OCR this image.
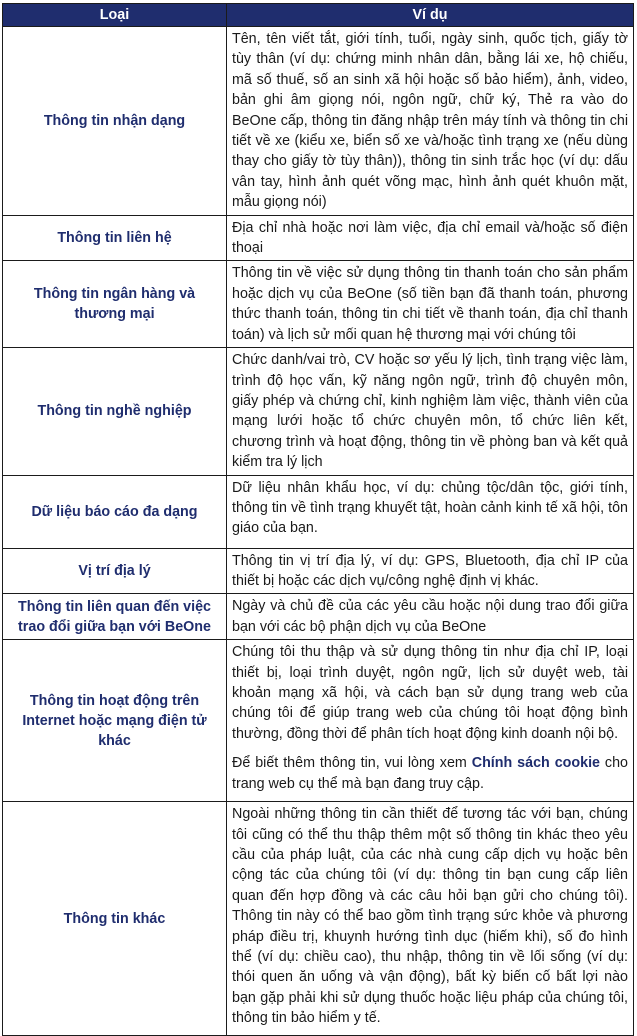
Loại	Ví dụ
Thông tin nhận dạng	Tên, tên viết tắt, giới tính, tuổi, ngày sinh, quốc tịch, giấy tờ tùy thân (ví dụ: chứng minh nhân dân, bằng lái xe, hộ chiếu, mã số thuế, số an sinh xã hội hoặc số bảo hiểm), ảnh, video, bản ghi âm giọng nói, ngôn ngữ, chữ ký, Thẻ ra vào do BeOne cấp, thông tin đăng nhập trên máy tính và thông tin chi tiết về xe (kiểu xe, biển số xe và/hoặc tình trạng xe (nếu dùng thay cho giấy tờ tùy thân)), thông tin sinh trắc học (ví dụ: dấu vân tay, hình ảnh quét võng mạc, hình ảnh quét khuôn mặt, mẫu giọng nói)
Thông tin liên hệ	Địa chỉ nhà hoặc nơi làm việc, địa chỉ email và/hoặc số điện thoại
Thông tin ngân hàng và thương mại	Thông tin về việc sử dụng thông tin thanh toán cho sản phẩm hoặc dịch vụ của BeOne (số tiền bạn đã thanh toán, phương thức thanh toán, thông tin chi tiết về thanh toán, địa chỉ thanh toán) và lịch sử mối quan hệ thương mại với chúng tôi
Thông tin nghề nghiệp	Chức danh/vai trò, CV hoặc sơ yếu lý lịch, tình trạng việc làm, trình độ học vấn, kỹ năng ngôn ngữ, trình độ chuyên môn, giấy phép và chứng chỉ, kinh nghiệm làm việc, thành viên của mạng lưới hoặc tổ chức chuyên môn, tổ chức liên kết, chương trình và hoạt động, thông tin về phòng ban và kết quả kiểm tra lý lịch
Dữ liệu báo cáo đa dạng	Dữ liệu nhân khẩu học, ví dụ: chủng tộc/dân tộc, giới tính, thông tin về tình trạng khuyết tật, hoàn cảnh kinh tế xã hội, tôn giáo của bạn.
Vị trí địa lý	Thông tin vị trí địa lý, ví dụ: GPS, Bluetooth, địa chỉ IP của thiết bị hoặc các dịch vụ/công nghệ định vị khác.
Thông tin liên quan đến việc trao đổi giữa bạn với BeOne	Ngày và chủ đề của các yêu cầu hoặc nội dung trao đổi giữa bạn với các bộ phận dịch vụ của BeOne
Thông tin hoạt động trên Internet hoặc mạng điện tử khác	Chúng tôi thu thập và sử dụng thông tin như địa chỉ IP, loại thiết bị, loại trình duyệt, ngôn ngữ, lịch sử duyệt web, tài khoản mạng xã hội, và cách bạn sử dụng trang web của chúng tôi để giúp trang web của chúng tôi hoạt động bình thường, đồng thời để phân tích hoạt động kinh doanh nội bộ.

Để biết thêm thông tin, vui lòng xem Chính sách cookie cho trang web cụ thể mà bạn đang truy cập.

Thông tin khác	Ngoài những thông tin cần thiết để tương tác với bạn, chúng tôi cũng có thể thu thập thêm một số thông tin khác theo yêu cầu của pháp luật, của các nhà cung cấp dịch vụ hoặc bên cộng tác của chúng tôi (ví dụ: thông tin bạn cung cấp liên quan đến hợp đồng và các câu hỏi bạn gửi cho chúng tôi). Thông tin này có thể bao gồm tình trạng sức khỏe và phương pháp điều trị, khuynh hướng tình dục (hiếm khi), số đo hình thể (ví dụ: chiều cao), thu nhập, thông tin về lối sống (ví dụ: thói quen ăn uống và vận động), bất kỳ biến cố bất lợi nào bạn gặp phải khi sử dụng thuốc hoặc liệu pháp của chúng tôi, thông tin bảo hiểm y tế.
